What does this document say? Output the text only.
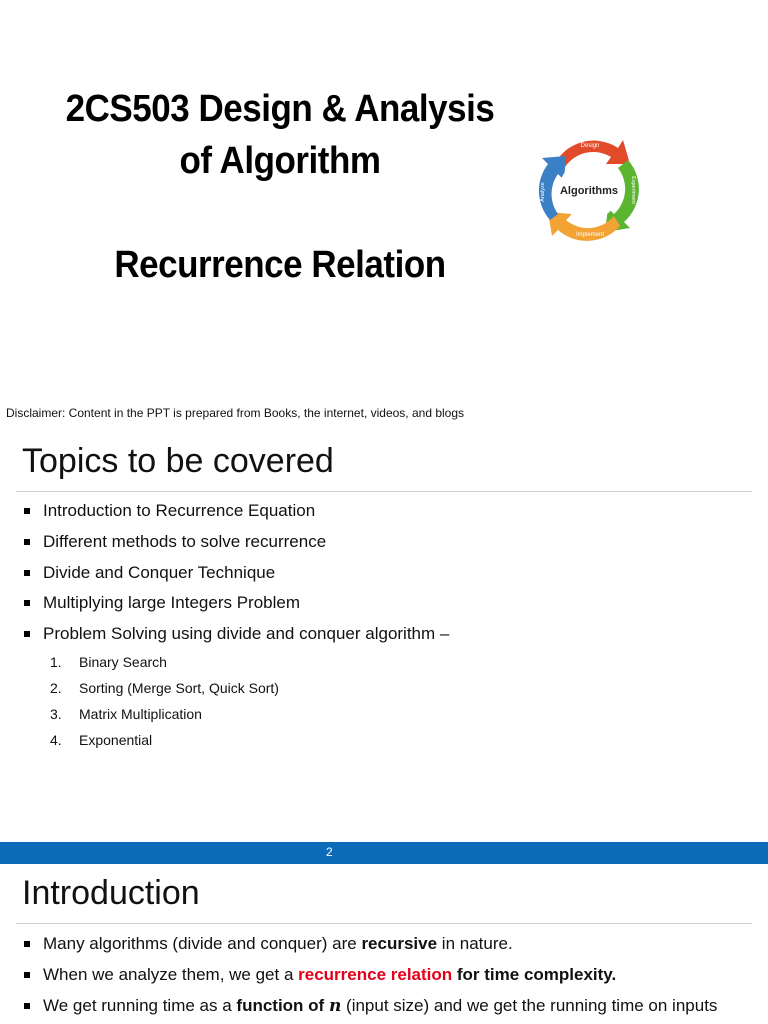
2CS503 Design & Analysis
of Algorithm
Recurrence Relation
Algorithms
Design
Experiment
Implement
Analyze
Disclaimer: Content in the PPT is prepared from Books, the internet, videos, and blogs
Topics to be covered
Introduction to Recurrence Equation
Different methods to solve recurrence
Divide and Conquer Technique
Multiplying large Integers Problem
Problem Solving using divide and conquer algorithm –
1. Binary Search
2. Sorting (Merge Sort, Quick Sort)
3. Matrix Multiplication
4. Exponential
2
Introduction
Many algorithms (divide and conquer) are recursive in nature.
When we analyze them, we get a recurrence relation for time complexity.
We get running time as a function of n (input size) and we get the running time on inputs
